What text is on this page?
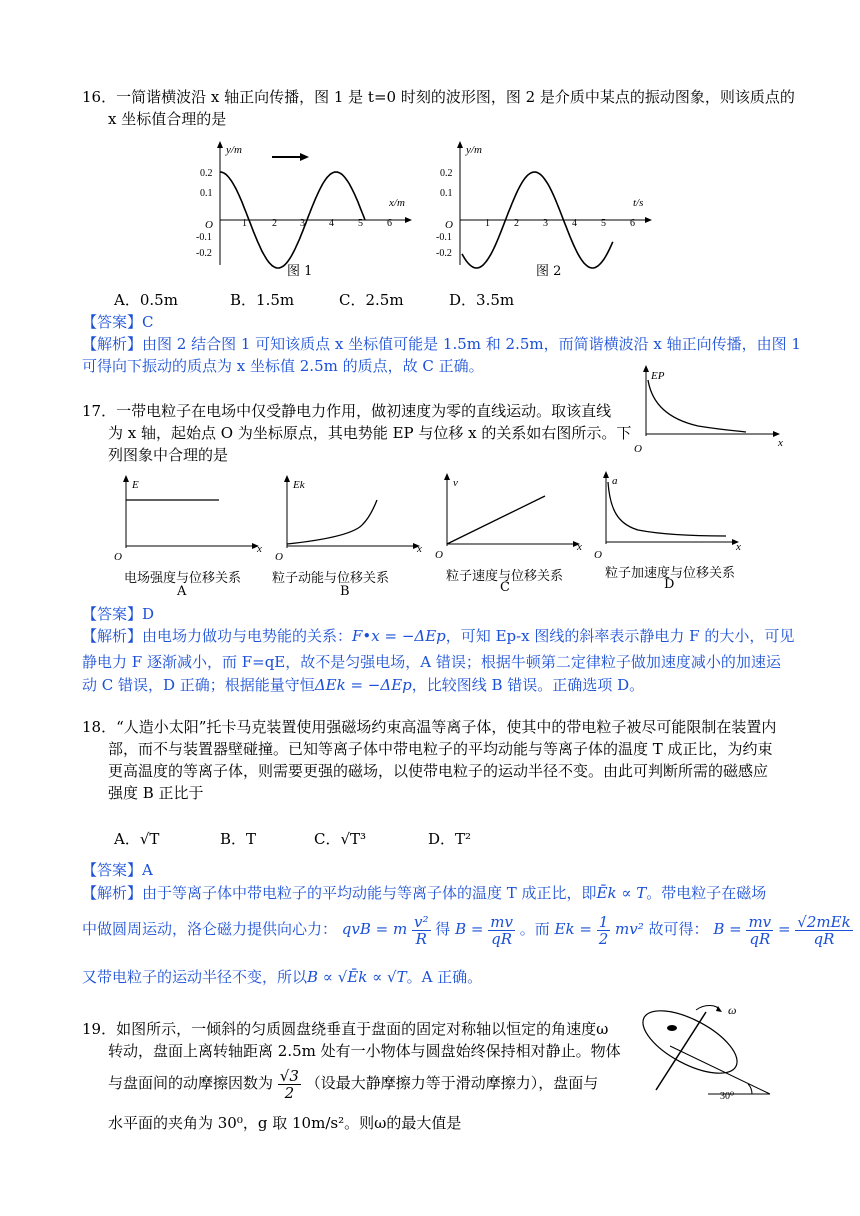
16．一简谐横波沿 x 轴正向传播，图 1 是 t=0 时刻的波形图，图 2 是介质中某点的振动图象，则该质点的
x 坐标值合理的是
y/m
x/m
O
0.2
0.1
-0.1
-0.2
1	2 3 4 5 6
图 1
y/m
t/s
O
0.2
0.1
-0.1
-0.2
1 2 3 4 5 6
图 2
A．0.5m	B．1.5m	C．2.5m	D．3.5m
【答案】C
【解析】由图 2 结合图 1 可知该质点 x 坐标值可能是 1.5m 和 2.5m，而简谐横波沿 x 轴正向传播，由图 1
可得向下振动的质点为 x 坐标值 2.5m 的质点，故 C 正确。
EP
x
O
17．一带电粒子在电场中仅受静电力作用，做初速度为零的直线运动。取该直线
为 x 轴，起始点 O 为坐标原点，其电势能 EP 与位移 x 的关系如右图所示。下
列图象中合理的是
E
x
O
电场强度与位移关系
A
Ek
x
O
粒子动能与位移关系
B
v
x
O
粒子速度与位移关系
C
a
x
O
粒子加速度与位移关系
D
【答案】D
【解析】由电场力做功与电势能的关系：F•x = −ΔEp，可知 Ep-x 图线的斜率表示静电力 F 的大小，可见
静电力 F 逐渐减小，而 F=qE，故不是匀强电场，A 错误；根据牛顿第二定律粒子做加速度减小的加速运
动 C 错误，D 正确；根据能量守恒ΔEk = −ΔEp，比较图线 B 错误。正确选项 D。
18．“人造小太阳”托卡马克装置使用强磁场约束高温等离子体，使其中的带电粒子被尽可能限制在装置内
部，而不与装置器壁碰撞。已知等离子体中带电粒子的平均动能与等离子体的温度 T 成正比，为约束
更高温度的等离子体，则需要更强的磁场，以使带电粒子的运动半径不变。由此可判断所需的磁感应
强度 B 正比于
A．√T	B．T	C．√T³	D．T²
【答案】A
【解析】由于等离子体中带电粒子的平均动能与等离子体的温度 T 成正比，即Ēk ∝ T。带电粒子在磁场
中做圆周运动，洛仑磁力提供向心力： qvB = m $\frac{\text{v²}}{R}$ 得 $B = \frac{mv}{qR}$ 。而 $Ek = \frac{1}{2} mv^2$ 故可得： $B = \frac{mv}{qR} = \frac{\text{√2mEk}}{qR}$
又带电粒子的运动半径不变，所以B ∝ √Ēk ∝ √T。A 正确。
ω
30⁰
19．如图所示，一倾斜的匀质圆盘绕垂直于盘面的固定对称轴以恒定的角速度ω
转动，盘面上离转轴距离 2.5m 处有一小物体与圆盘始终保持相对静止。物体
与盘面间的动摩擦因数为 $\frac{√3}{2}$ （设最大静摩擦力等于滑动摩擦力），盘面与
水平面的夹角为 30⁰，g 取 10m/s²。则ω的最大值是
